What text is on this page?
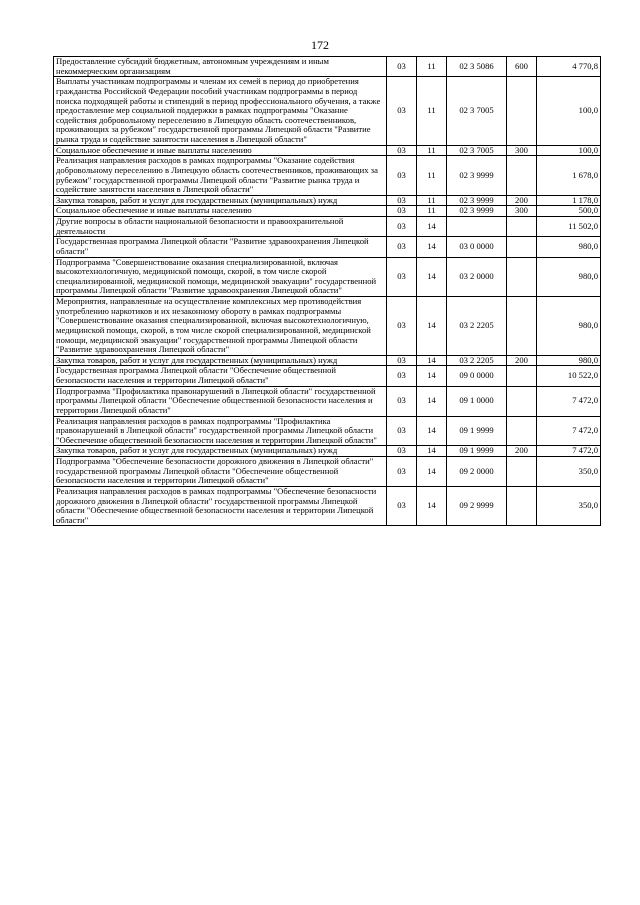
172
Предоставление субсидий бюджетным, автономным учреждениям и иным некоммерческим организациям	03	11	02 3 5086	600	4 770,8
Выплаты участникам подпрограммы и членам их семей в период до приобретения гражданства Российской Федерации пособий участникам подпрограммы в период поиска подходящей работы и стипендий в период профессионального обучения, а также предоставление мер социальной поддержки в рамках подпрограммы "Оказание содействия добровольному переселению в Липецкую область соотечественников, проживающих за рубежом" государственной программы Липецкой области "Развитие рынка труда и содействие занятости населения в Липецкой области"	03	11	02 3 7005		100,0
Социальное обеспечение и иные выплаты населению	03	11	02 3 7005	300	100,0
Реализация направления расходов в рамках подпрограммы "Оказание содействия добровольному переселению в Липецкую область соотечественников, проживающих за рубежом" государственной программы Липецкой области "Развитие рынка труда и содействие занятости населения в Липецкой области"	03	11	02 3 9999		1 678,0
Закупка товаров, работ и услуг для государственных (муниципальных) нужд	03	11	02 3 9999	200	1 178,0
Социальное обеспечение и иные выплаты населению	03	11	02 3 9999	300	500,0
Другие вопросы в области национальной безопасности и правоохранительной деятельности	03	14			11 502,0
Государственная программа Липецкой области "Развитие здравоохранения Липецкой области"	03	14	03 0 0000		980,0
Подпрограмма "Совершенствование оказания специализированной, включая высокотехнологичную, медицинской помощи, скорой, в том числе скорой специализированной, медицинской помощи, медицинской эвакуации" государственной программы Липецкой области "Развитие здравоохранения Липецкой области"	03	14	03 2 0000		980,0
Мероприятия, направленные на осуществление комплексных мер противодействия употреблению наркотиков и их незаконному обороту в рамках подпрограммы "Совершенствование оказания специализированной, включая высокотехнологичную, медицинской помощи, скорой, в том числе скорой специализированной, медицинской помощи, медицинской эвакуации" государственной программы Липецкой области "Развитие здравоохранения Липецкой области"	03	14	03 2 2205		980,0
Закупка товаров, работ и услуг для государственных (муниципальных) нужд	03	14	03 2 2205	200	980,0
Государственная программа Липецкой области "Обеспечение общественной безопасности населения и территории Липецкой области"	03	14	09 0 0000		10 522,0
Подпрограмма "Профилактика правонарушений в Липецкой области" государственной программы Липецкой области "Обеспечение общественной безопасности населения и территории Липецкой области"	03	14	09 1 0000		7 472,0
Реализация направления расходов в рамках подпрограммы "Профилактика правонарушений в Липецкой области" государственной программы Липецкой области "Обеспечение общественной безопасности населения и территории Липецкой области"	03	14	09 1 9999		7 472,0
Закупка товаров, работ и услуг для государственных (муниципальных) нужд	03	14	09 1 9999	200	7 472,0
Подпрограмма "Обеспечение безопасности дорожного движения в Липецкой области" государственной программы Липецкой области "Обеспечение общественной безопасности населения и территории Липецкой области"	03	14	09 2 0000		350,0
Реализация направления расходов в рамках подпрограммы "Обеспечение безопасности дорожного движения в Липецкой области" государственной программы Липецкой области "Обеспечение общественной безопасности населения и территории Липецкой области"	03	14	09 2 9999		350,0
